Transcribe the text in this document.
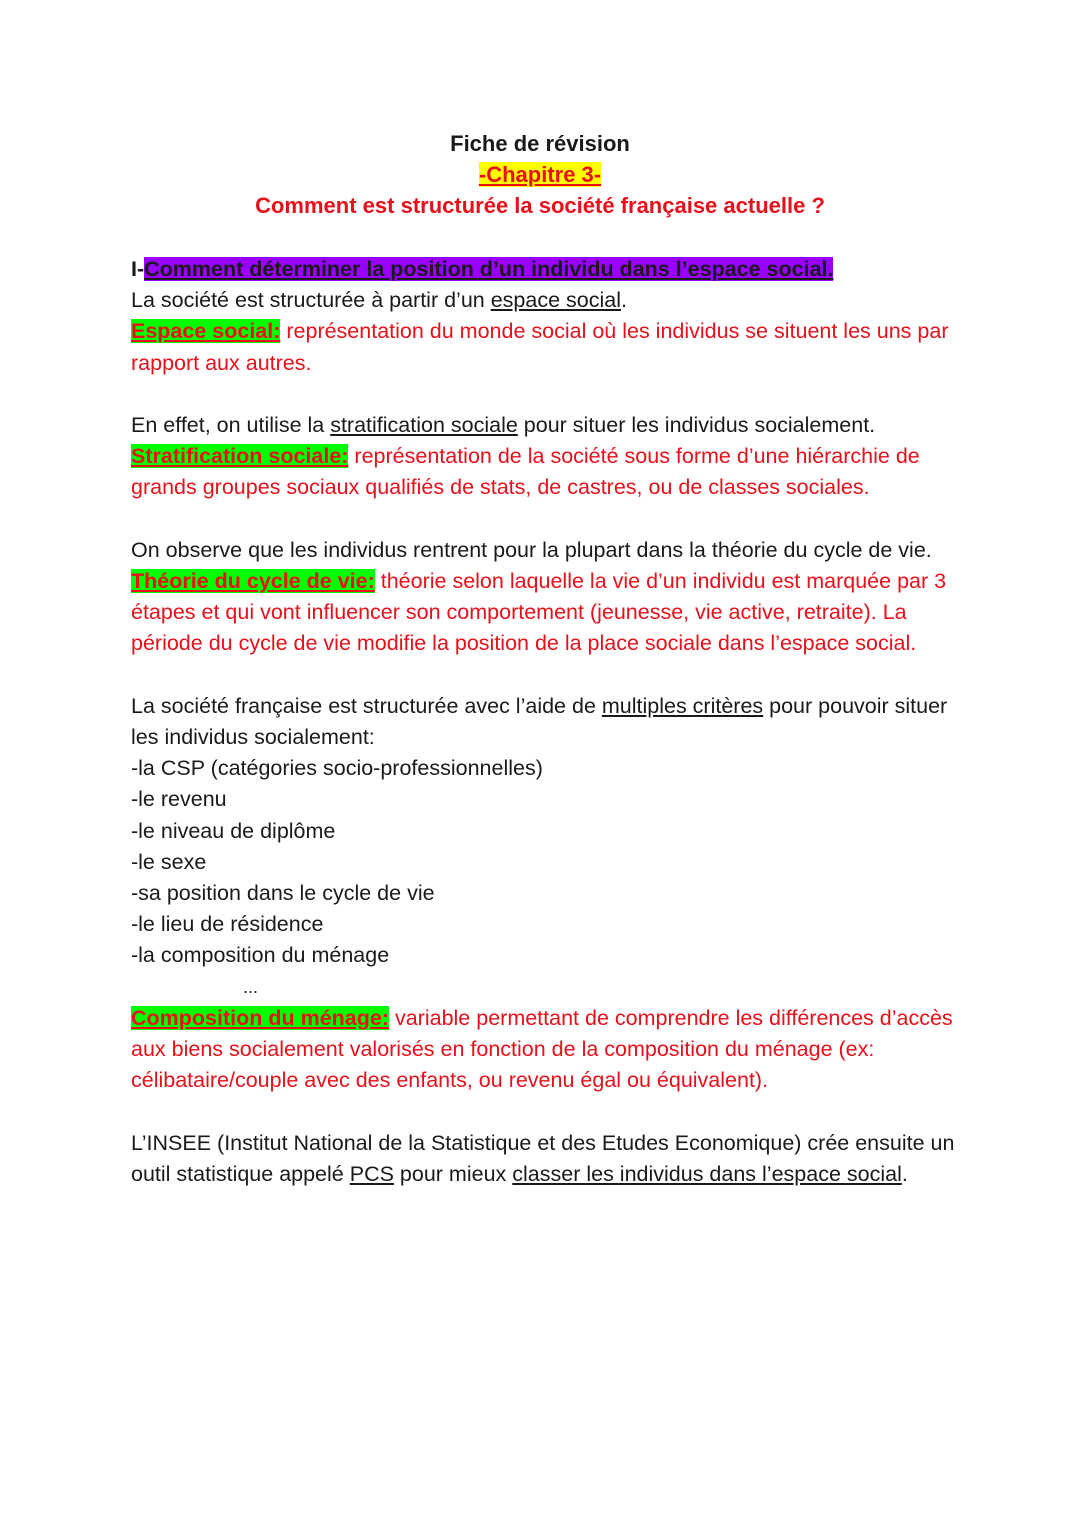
Fiche de révision
-Chapitre 3-
Comment est structurée la société française actuelle ?

I-Comment déterminer la position d’un individu dans l’espace social.

La société est structurée à partir d’un espace social.

Espace social: représentation du monde social où les individus se situent les uns par rapport aux autres.

En effet, on utilise la stratification sociale pour situer les individus socialement.

Stratification sociale: représentation de la société sous forme d’une hiérarchie de grands groupes sociaux qualifiés de stats, de castres, ou de classes sociales.

On observe que les individus rentrent pour la plupart dans la théorie du cycle de vie.

Théorie du cycle de vie: théorie selon laquelle la vie d’un individu est marquée par 3 étapes et qui vont influencer son comportement (jeunesse, vie active, retraite). La période du cycle de vie modifie la position de la place sociale dans l’espace social.

La société française est structurée avec l’aide de multiples critères pour pouvoir situer les individus socialement:

-la CSP (catégories socio-professionnelles)

-le revenu

-le niveau de diplôme

-le sexe

-sa position dans le cycle de vie

-le lieu de résidence

-la composition du ménage

...

Composition du ménage: variable permettant de comprendre les différences d’accès aux biens socialement valorisés en fonction de la composition du ménage (ex: célibataire/couple avec des enfants, ou revenu égal ou équivalent).

L’INSEE (Institut National de la Statistique et des Etudes Economique) crée ensuite un outil statistique appelé PCS pour mieux classer les individus dans l’espace social.
